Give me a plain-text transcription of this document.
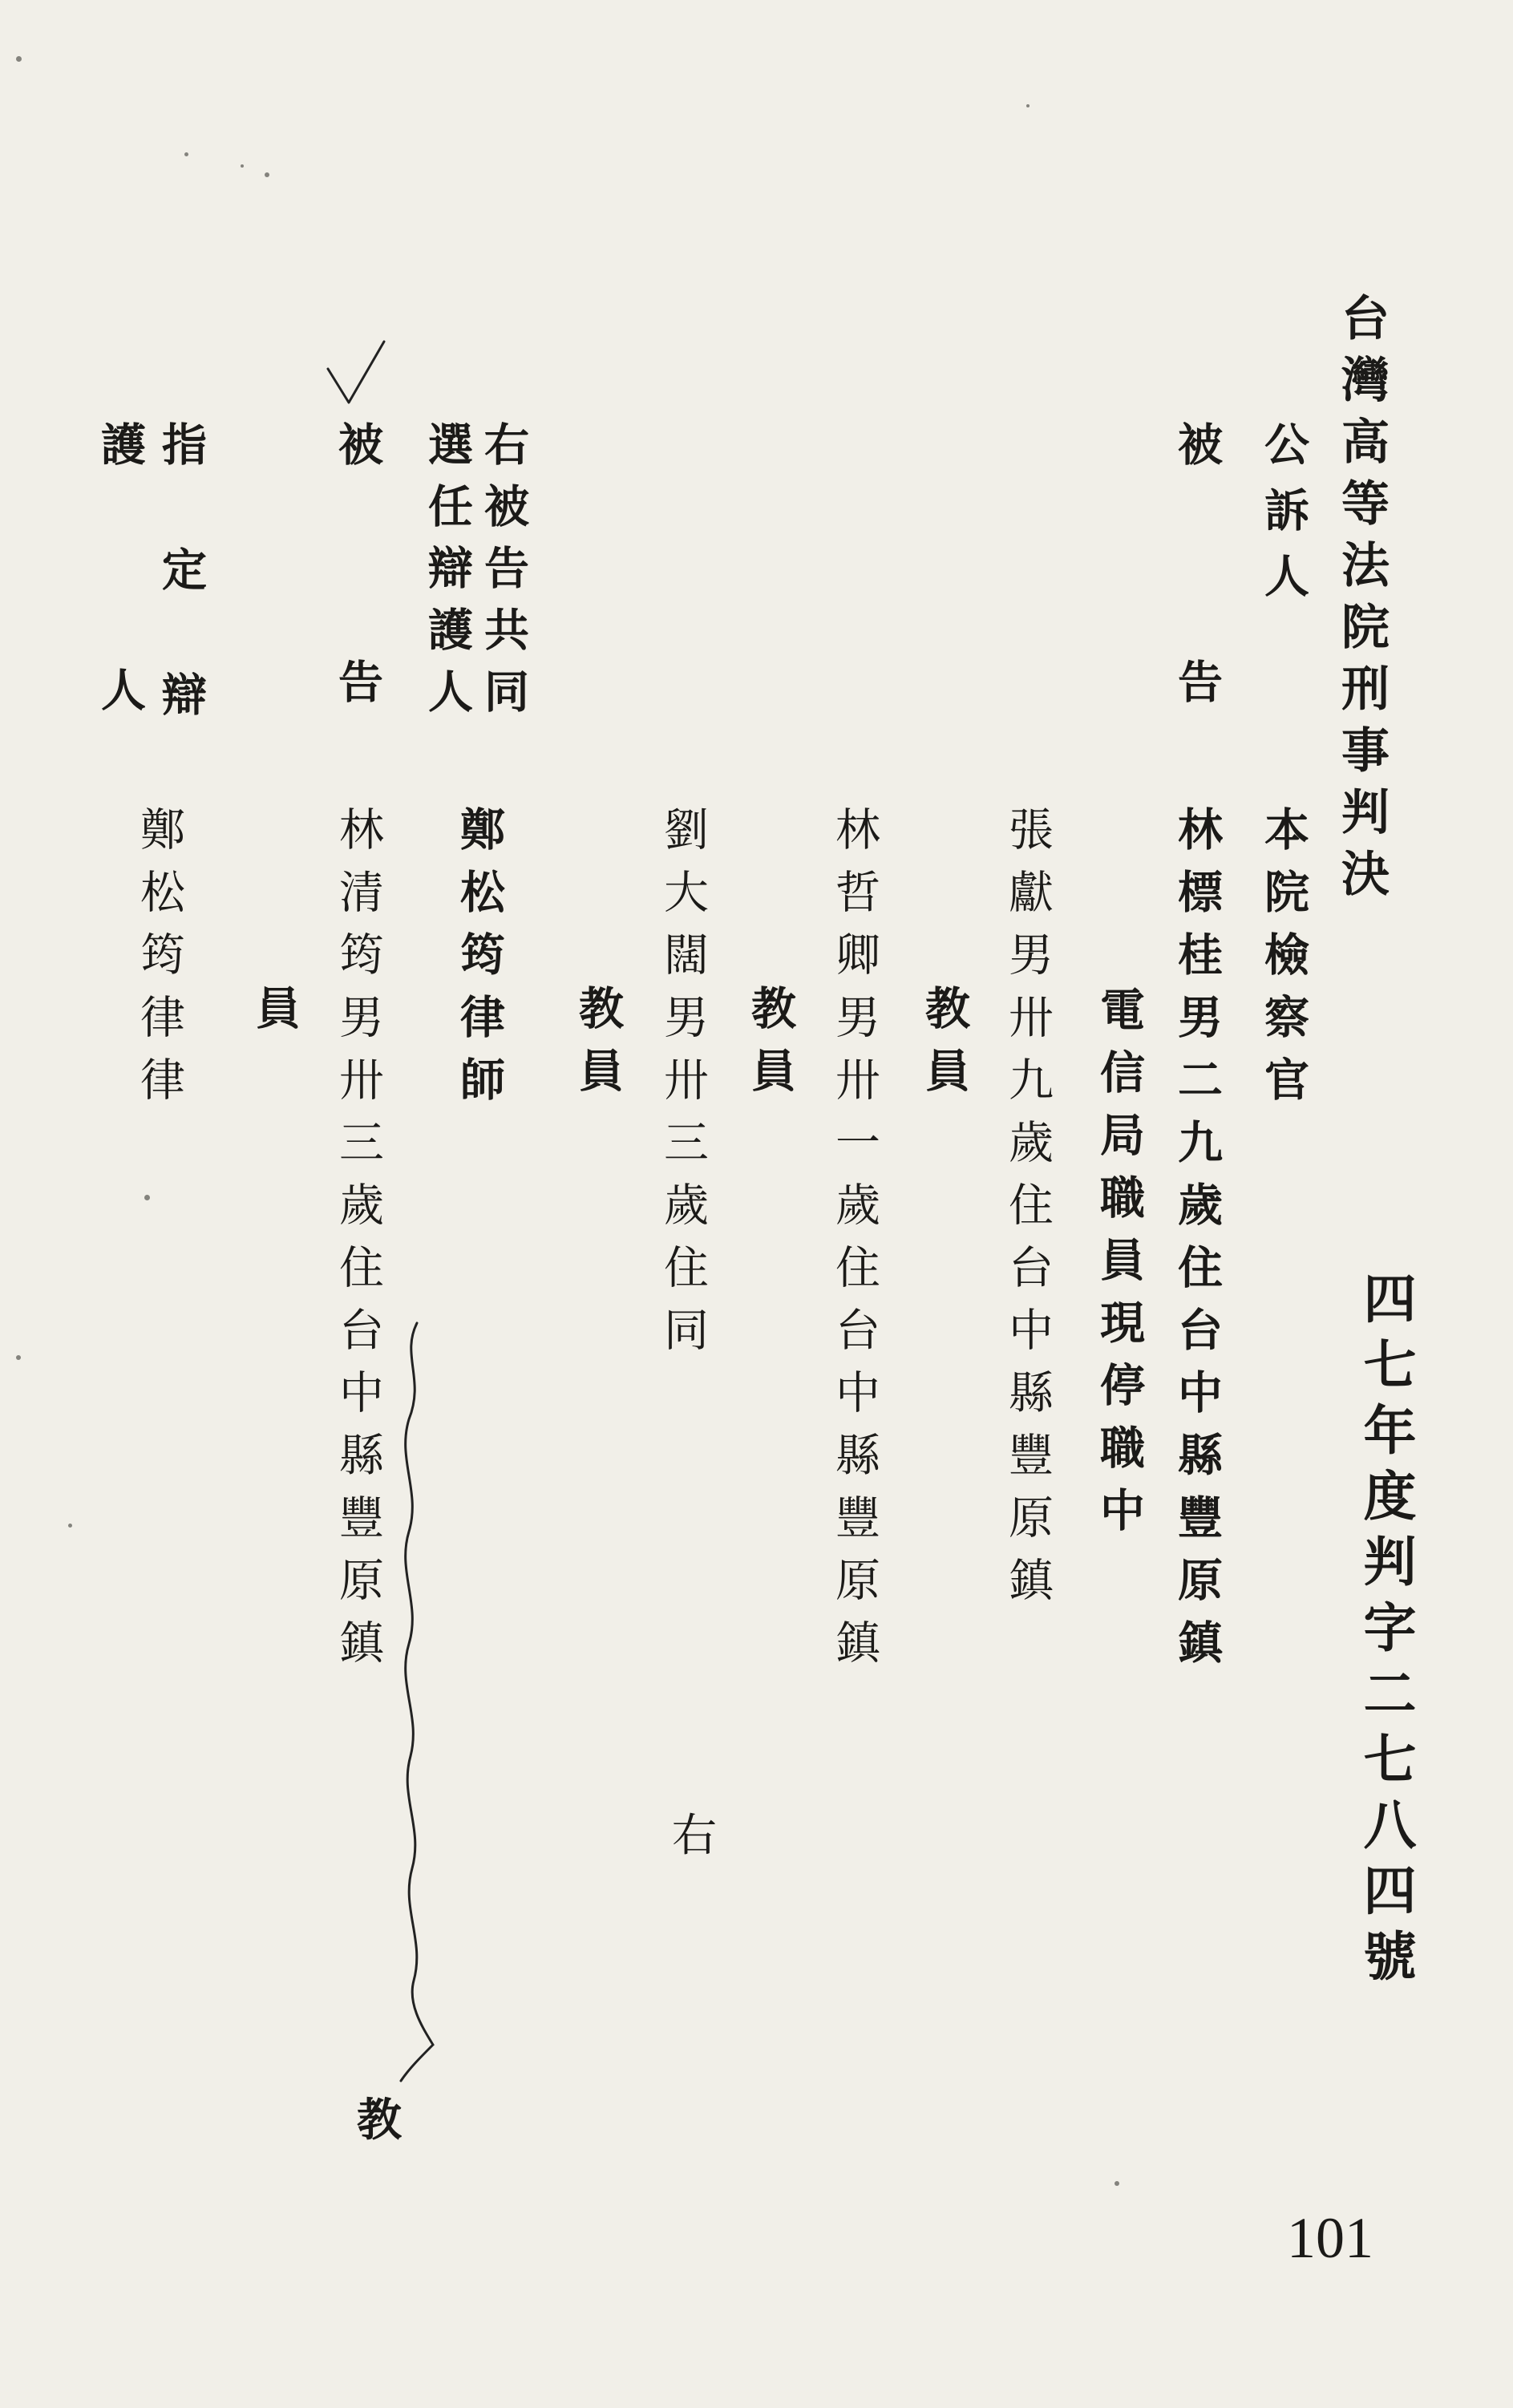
台灣高等法院刑事判決
四七年度判字二七八四號
公訴人
本院檢察官
被告
林標桂男二九歲住台中縣豐原鎮
電信局職員現停職中
張獻男卅九歲住台中縣豐原鎮
教員
林哲卿男卅一歲住台中縣豐原鎮
教員
劉大闊男卅三歲住同
教員
右
右被告共同
選任辯護人
鄭松筠律師
被告
林清筠男卅三歲住台中縣豐原鎮
員
教
指定辯
護人
鄭松筠律律
101
